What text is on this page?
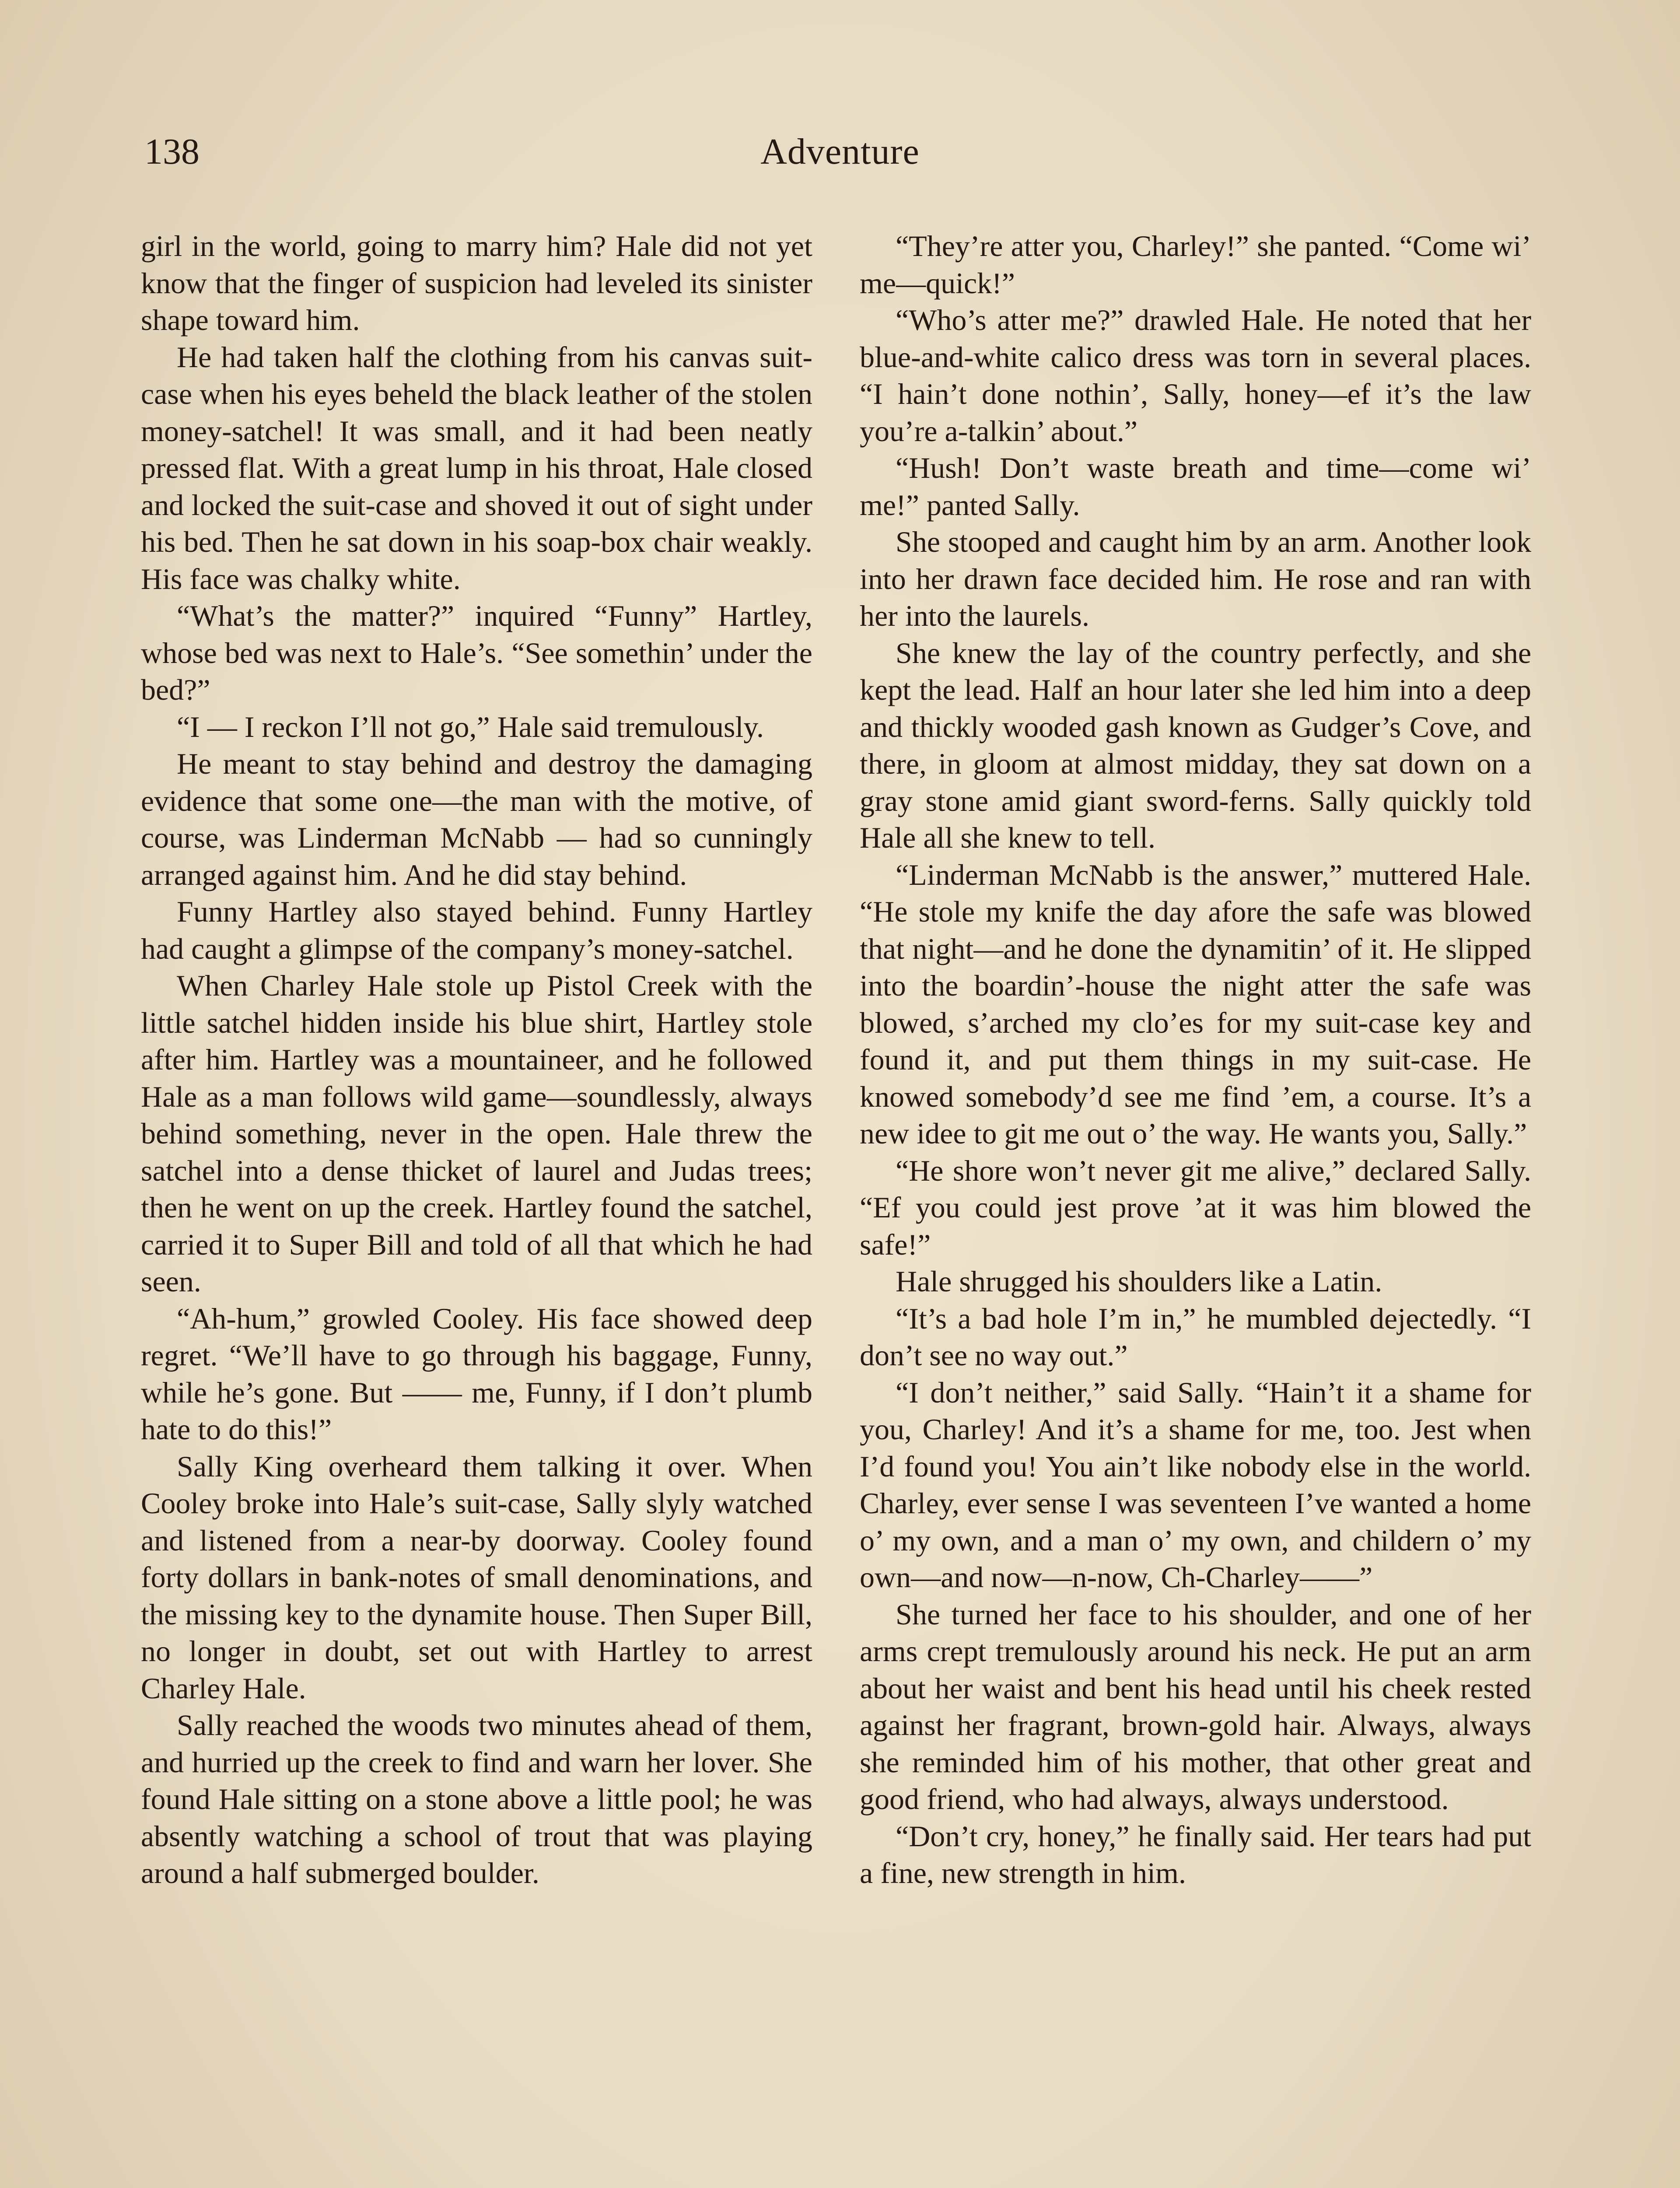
138	Adventure

girl in the world, going to marry him? Hale did not yet know that the finger of suspicion had leveled its sinister shape toward him.

He had taken half the clothing from his canvas suit-case when his eyes beheld the black leather of the stolen money-satchel! It was small, and it had been neatly pressed flat. With a great lump in his throat, Hale closed and locked the suit-case and shoved it out of sight under his bed. Then he sat down in his soap-box chair weakly. His face was chalky white.

“What’s the matter?” inquired “Funny” Hartley, whose bed was next to Hale’s. “See somethin’ under the bed?”

“I — I reckon I’ll not go,” Hale said tremulously.

He meant to stay behind and destroy the damaging evidence that some one—the man with the motive, of course, was Linderman McNabb — had so cunningly arranged against him. And he did stay behind.

Funny Hartley also stayed behind. Funny Hartley had caught a glimpse of the company’s money-satchel.

When Charley Hale stole up Pistol Creek with the little satchel hidden inside his blue shirt, Hartley stole after him. Hartley was a mountaineer, and he followed Hale as a man follows wild game—soundlessly, always behind something, never in the open. Hale threw the satchel into a dense thicket of laurel and Judas trees; then he went on up the creek. Hartley found the satchel, carried it to Super Bill and told of all that which he had seen.

“Ah-hum,” growled Cooley. His face showed deep regret. “We’ll have to go through his baggage, Funny, while he’s gone. But —— me, Funny, if I don’t plumb hate to do this!”

Sally King overheard them talking it over. When Cooley broke into Hale’s suit-case, Sally slyly watched and listened from a near-by doorway. Cooley found forty dollars in bank-notes of small denominations, and the missing key to the dynamite house. Then Super Bill, no longer in doubt, set out with Hartley to arrest Charley Hale.

Sally reached the woods two minutes ahead of them, and hurried up the creek to find and warn her lover. She found Hale sitting on a stone above a little pool; he was absently watching a school of trout that was playing around a half submerged boulder.

“They’re atter you, Charley!” she panted. “Come wi’ me—quick!”

“Who’s atter me?” drawled Hale. He noted that her blue-and-white calico dress was torn in several places. “I hain’t done nothin’, Sally, honey—ef it’s the law you’re a-talkin’ about.”

“Hush! Don’t waste breath and time—come wi’ me!” panted Sally.

She stooped and caught him by an arm. Another look into her drawn face decided him. He rose and ran with her into the laurels.

She knew the lay of the country perfectly, and she kept the lead. Half an hour later she led him into a deep and thickly wooded gash known as Gudger’s Cove, and there, in gloom at almost midday, they sat down on a gray stone amid giant sword-ferns. Sally quickly told Hale all she knew to tell.

“Linderman McNabb is the answer,” muttered Hale. “He stole my knife the day afore the safe was blowed that night—and he done the dynamitin’ of it. He slipped into the boardin’-house the night atter the safe was blowed, s’arched my clo’es for my suit-case key and found it, and put them things in my suit-case. He knowed somebody’d see me find ’em, a course. It’s a new idee to git me out o’ the way. He wants you, Sally.”

“He shore won’t never git me alive,” declared Sally. “Ef you could jest prove ’at it was him blowed the safe!”

Hale shrugged his shoulders like a Latin.

“It’s a bad hole I’m in,” he mumbled dejectedly. “I don’t see no way out.”

“I don’t neither,” said Sally. “Hain’t it a shame for you, Charley! And it’s a shame for me, too. Jest when I’d found you! You ain’t like nobody else in the world. Charley, ever sense I was seventeen I’ve wanted a home o’ my own, and a man o’ my own, and childern o’ my own—and now—n-now, Ch-Charley——”

She turned her face to his shoulder, and one of her arms crept tremulously around his neck. He put an arm about her waist and bent his head until his cheek rested against her fragrant, brown-gold hair. Always, always she reminded him of his mother, that other great and good friend, who had always, always understood.

“Don’t cry, honey,” he finally said. Her tears had put a fine, new strength in him.
